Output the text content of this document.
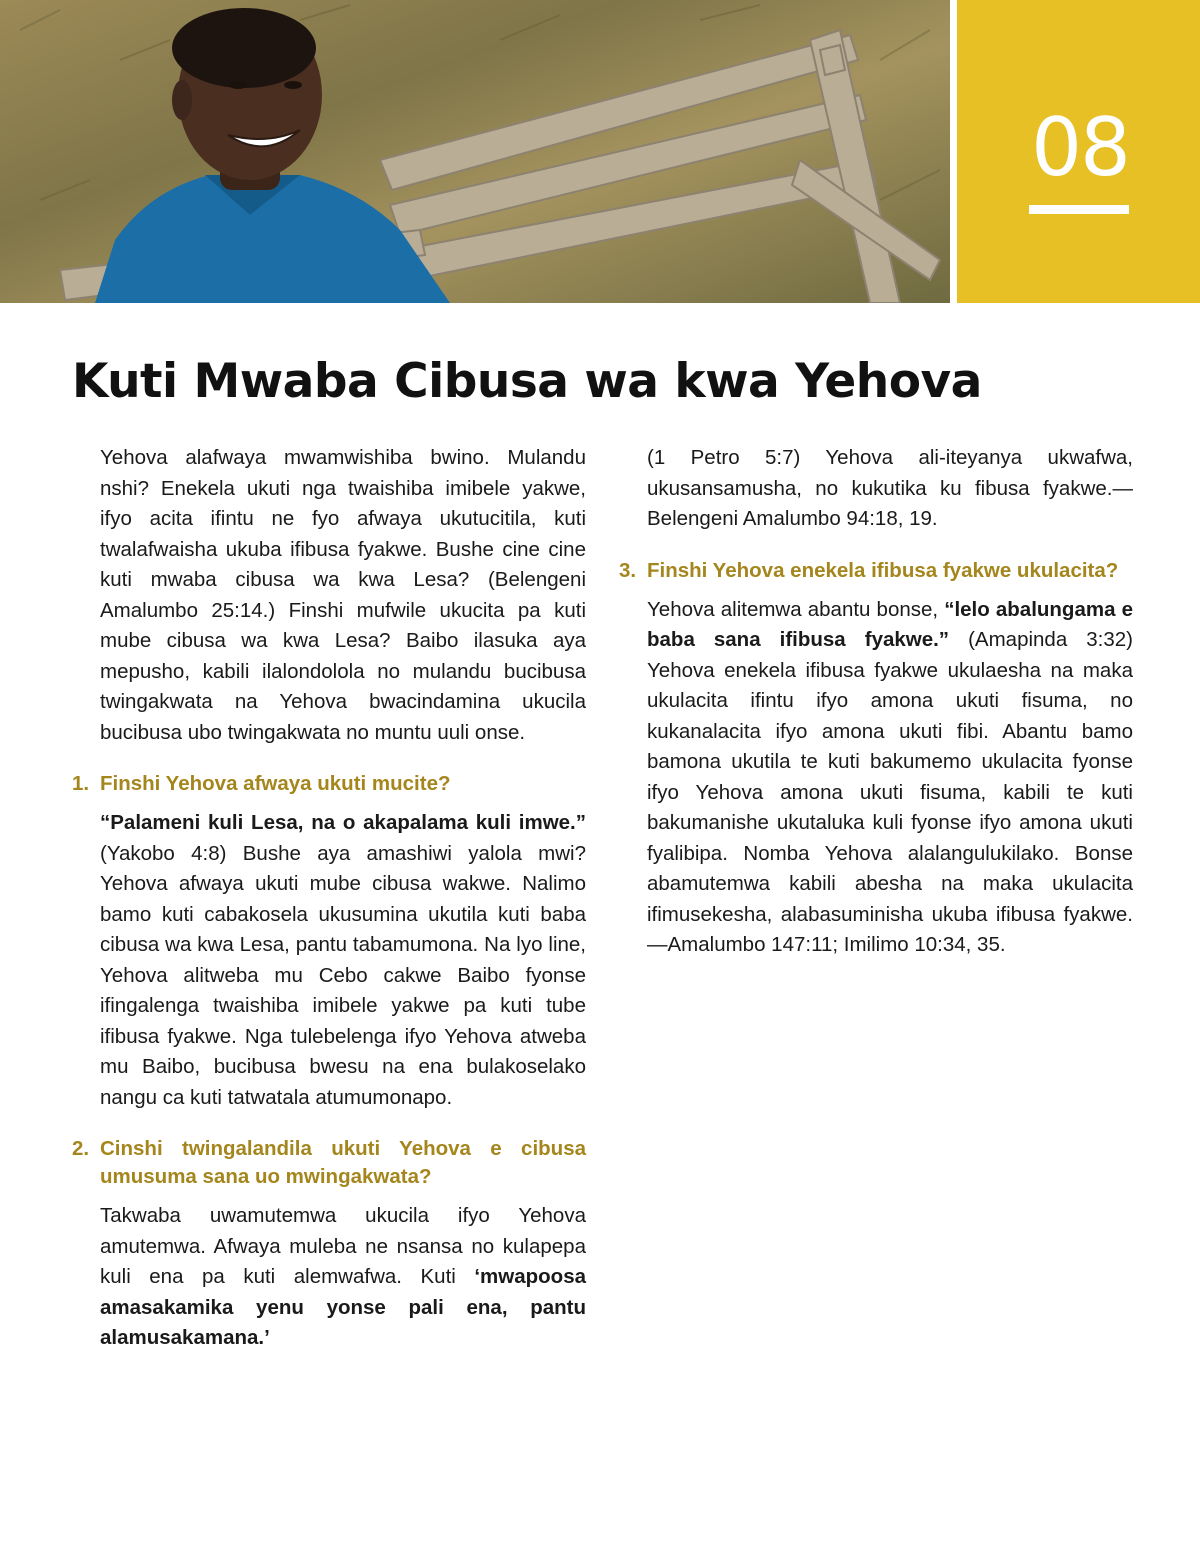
08
Kuti Mwaba Cibusa wa kwa Yehova

Yehova alafwaya mwamwishiba bwino. Mulandu nshi? Enekela ukuti nga twaishiba imibele yakwe, ifyo acita ifintu ne fyo afwaya ukutucitila, kuti twalafwaisha ukuba ifibusa fyakwe. Bushe cine cine kuti mwaba cibusa wa kwa Lesa? (Belengeni Amalumbo 25:14.) Finshi mufwile ukucita pa kuti mube cibusa wa kwa Lesa? Baibo ilasuka aya mepusho, kabili ilalondolola no mulandu bucibusa twingakwata na Yehova bwacindamina ukucila bucibusa ubo twingakwata no muntu uuli onse.

1. Finshi Yehova afwaya ukuti mucite?

“Palameni kuli Lesa, na o akapalama kuli imwe.” (Yakobo 4:8) Bushe aya amashiwi yalola mwi? Yehova afwaya ukuti mube cibusa wakwe. Nalimo bamo kuti cabakosela ukusumina ukutila kuti baba cibusa wa kwa Lesa, pantu tabamumona. Na lyo line, Yehova alitweba mu Cebo cakwe Baibo fyonse ifingalenga twaishiba imibele yakwe pa kuti tube ifibusa fyakwe. Nga tulebelenga ifyo Yehova atweba mu Baibo, bucibusa bwesu na ena bulakoselako nangu ca kuti tatwatala atumumonapo.

2. Cinshi twingalandila ukuti Yehova e cibusa umusuma sana uo mwingakwata?

Takwaba uwamutemwa ukucila ifyo Yehova amutemwa. Afwaya muleba ne nsansa no kulapepa kuli ena pa kuti alemwafwa. Kuti ‘mwapoosa amasakamika yenu yonse pali ena, pantu alamusakamana.’

(1 Petro 5:7) Yehova ali-iteyanya ukwafwa, ukusansamusha, no kukutika ku fibusa fyakwe.—Belengeni Amalumbo 94:18, 19.

3. Finshi Yehova enekela ifibusa fyakwe ukulacita?

Yehova alitemwa abantu bonse, “lelo abalungama e baba sana ifibusa fyakwe.” (Amapinda 3:32) Yehova enekela ifibusa fyakwe ukulaesha na maka ukulacita ifintu ifyo amona ukuti fisuma, no kukanalacita ifyo amona ukuti fibi. Abantu bamo bamona ukutila te kuti bakumemo ukulacita fyonse ifyo Yehova amona ukuti fisuma, kabili te kuti bakumanishe ukutaluka kuli fyonse ifyo amona ukuti fyalibipa. Nomba Yehova alalangulukilako. Bonse abamutemwa kabili abesha na maka ukulacita ifimusekesha, alabasuminisha ukuba ifibusa fyakwe. —Amalumbo 147:11; Imilimo 10:34, 35.
